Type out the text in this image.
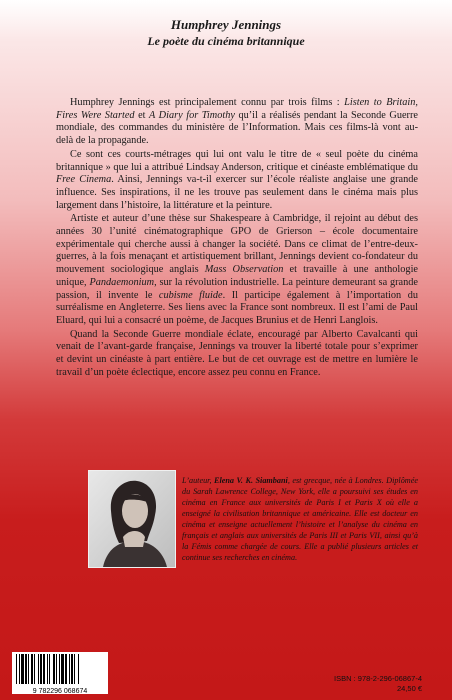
Humphrey Jennings
Le poète du cinéma britannique

Humphrey Jennings est principalement connu par trois films : Listen to Britain, Fires Were Started et A Diary for Timothy qu’il a réalisés pendant la Seconde Guerre mondiale, des commandes du ministère de l’Information. Mais ces films-là vont au-delà de la propagande.

Ce sont ces courts-métrages qui lui ont valu le titre de « seul poète du cinéma britannique » que lui a attribué Lindsay Anderson, critique et cinéaste emblématique du Free Cinema. Ainsi, Jennings va-t-il exercer sur l’école réaliste anglaise une grande influence. Ses inspirations, il ne les trouve pas seulement dans le cinéma mais plus largement dans l’histoire, la littérature et la peinture.

Artiste et auteur d’une thèse sur Shakespeare à Cambridge, il rejoint au début des années 30 l’unité cinématographique GPO de Grierson – école documentaire expérimentale qui cherche aussi à changer la société. Dans ce climat de l’entre-deux-guerres, à la fois menaçant et artistiquement brillant, Jennings devient co-fondateur du mouvement sociologique anglais Mass Observation et travaille à une anthologie unique, Pandaemonium, sur la révolution industrielle. La peinture demeurant sa grande passion, il invente le cubisme fluide. Il participe également à l’importation du surréalisme en Angleterre. Ses liens avec la France sont nombreux. Il est l’ami de Paul Eluard, qui lui a consacré un poème, de Jacques Brunius et de Henri Langlois.

Quand la Seconde Guerre mondiale éclate, encouragé par Alberto Cavalcanti qui venait de l’avant-garde française, Jennings va trouver la liberté totale pour s’exprimer et devint un cinéaste à part entière. Le but de cet ouvrage est de mettre en lumière le travail d’un poète éclectique, encore assez peu connu en France.

L’auteur, Elena V. K. Siambani, est grecque, née à Londres. Diplômée du Sarah Lawrence College, New York, elle a poursuivi ses études en cinéma en France aux universités de Paris I et Paris X où elle a enseigné la civilisation britannique et américaine. Elle est docteur en cinéma et enseigne actuellement l’histoire et l’analyse du cinéma en français et anglais aux universités de Paris III et Paris VII, ainsi qu’à la Fémis comme chargée de cours. Elle a publié plusieurs articles et continue ses recherches en cinéma.
9 782296 068674
ISBN : 978-2-296-06867-4
24,50 €
